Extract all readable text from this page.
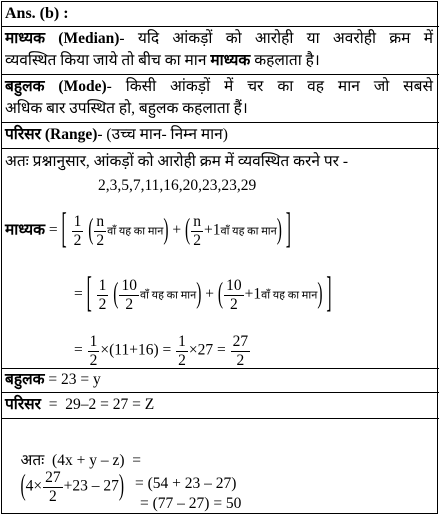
Ans. (b) :
माध्यक (Median)- यदि आंकड़ों को आरोही या अवरोही क्रम में
व्यवस्थित किया जाये तो बीच का मान माध्यक कहलाता है।
बहुलक (Mode)- किसी आंकड़ों में चर का वह मान जो सबसे
अधिक बार उपस्थित हो, बहुलक कहलाता हैं।
परिसर (Range)- (उच्च मान- निम्न मान)
अतः प्रश्नानुसार, आंकड़ों को आरोही क्रम में व्यवस्थित करने पर -
2,3,5,7,11,16,20,23,23,29
माध्यक = [ $\frac{1}{2}$ ( $\frac{n}{2}$ वॉं यह का मान) + ( $\frac{n}{2}$ +1वॉं यह का मान) ]
= [ $\frac{1}{2}$ ( $\frac{10}{2}$ वॉं यह का मान) + ( $\frac{10}{2}$ +1वॉं यह का मान) ]
= $\frac{1}{2} \times(11+16) = \frac{1}{2} \times 27 = \frac{27}{2}$
बहुलक = 23 = y
परिसर  =  29–2 = 27 = Z

अतः  (4x + y – z)  =
$(4\times \frac{27}{2} +23 - 27)$
= (54 + 23 – 27)
= (77 – 27) = 50
